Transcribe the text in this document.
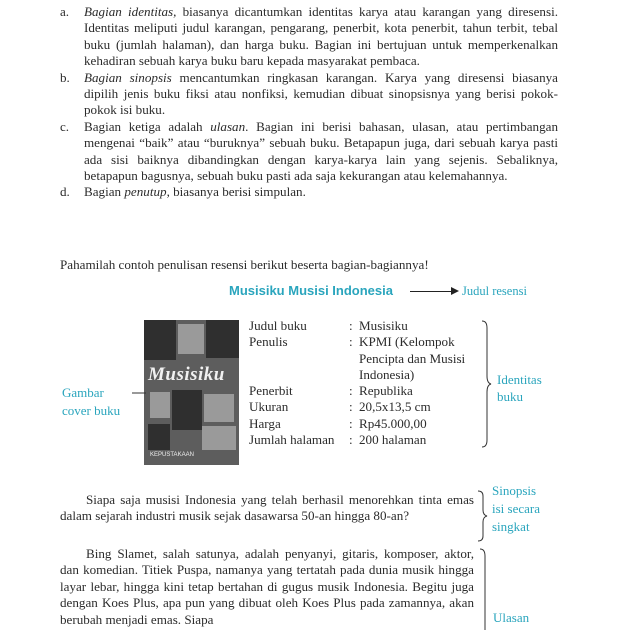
a.	Bagian identitas, biasanya dicantumkan identitas karya atau karangan yang diresensi. Identitas meliputi judul karangan, pengarang, penerbit, kota penerbit, tahun terbit, tebal buku (jumlah halaman), dan harga buku. Bagian ini bertujuan untuk memperkenalkan kehadiran sebuah karya buku baru kepada masyarakat pembaca.
b.	Bagian sinopsis mencantumkan ringkasan karangan. Karya yang diresensi biasanya dipilih jenis buku fiksi atau nonfiksi, kemudian dibuat sinopsisnya yang berisi pokok-pokok isi buku.
c.	Bagian ketiga adalah ulasan. Bagian ini berisi bahasan, ulasan, atau pertimbangan mengenai “baik” atau “buruknya” sebuah buku. Betapapun juga, dari sebuah karya pasti ada sisi baiknya dibandingkan dengan karya-karya lain yang sejenis. Sebaliknya, betapapun bagusnya, sebuah buku pasti ada saja kekurangan atau kelemahannya.
d.	Bagian penutup, biasanya berisi simpulan.
Pahamilah contoh penulisan resensi berikut beserta bagian-bagiannya!
Musisiku Musisi Indonesia	Judul resensi
Musisiku
KEPUSTAKAAN
Gambar
cover buku
Judul buku	: Musisiku
Penulis	: KPMI (Kelompok Pencipta dan Musisi Indonesia)
Penerbit	: Republika
Ukuran	: 20,5x13,5 cm
Harga	: Rp45.000,00
Jumlah halaman	: 200 halaman
Identitas
buku
Sinopsis
isi secara
singkat
Siapa saja musisi Indonesia yang telah berhasil menorehkan tinta emas dalam sejarah industri musik sejak dasawarsa 50-an hingga 80-an?
Bing Slamet, salah satunya, adalah penyanyi, gitaris, komposer, aktor, dan komedian. Titiek Puspa, namanya yang tertatah pada dunia musik hingga layar lebar, hingga kini tetap bertahan di gugus musik Indonesia. Begitu juga dengan Koes Plus, apa pun yang dibuat oleh Koes Plus pada zamannya, akan berubah menjadi emas. Siapa	Ulasan
